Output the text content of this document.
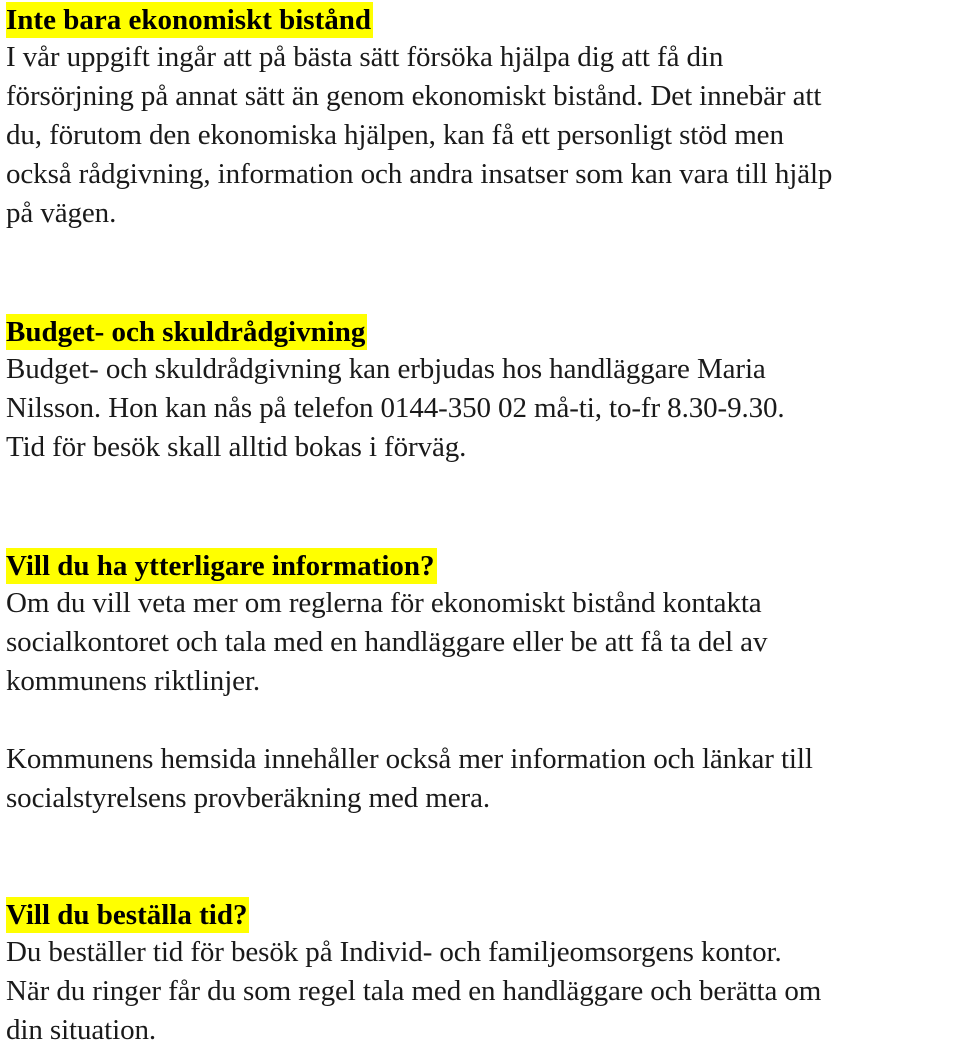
Inte bara ekonomiskt bistånd

I vår uppgift ingår att på bästa sätt försöka hjälpa dig att få din
försörjning på annat sätt än genom ekonomiskt bistånd. Det innebär att
du, förutom den ekonomiska hjälpen, kan få ett personligt stöd men
också rådgivning, information och andra insatser som kan vara till hjälp
på vägen.

Budget- och skuldrådgivning

Budget- och skuldrådgivning kan erbjudas hos handläggare Maria
Nilsson. Hon kan nås på telefon 0144-350 02 må-ti, to-fr 8.30-9.30.
Tid för besök skall alltid bokas i förväg.

Vill du ha ytterligare information?

Om du vill veta mer om reglerna för ekonomiskt bistånd kontakta
socialkontoret och tala med en handläggare eller be att få ta del av
kommunens riktlinjer.

Kommunens hemsida innehåller också mer information och länkar till
socialstyrelsens provberäkning med mera.

Vill du beställa tid?

Du beställer tid för besök på Individ- och familjeomsorgens kontor.
När du ringer får du som regel tala med en handläggare och berätta om
din situation.
